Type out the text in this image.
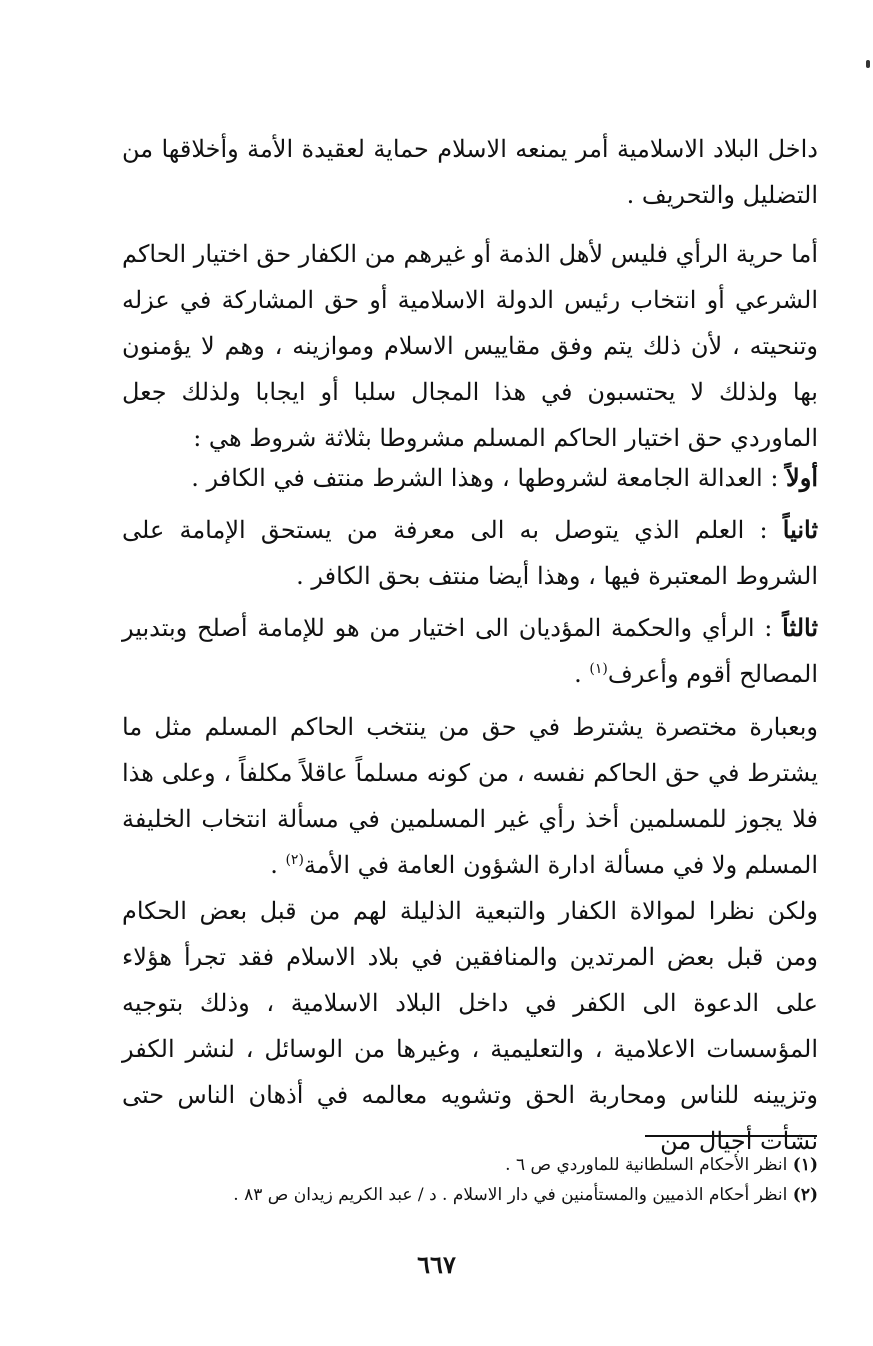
داخل البلاد الاسلامية أمر يمنعه الاسلام حماية لعقيدة الأمة وأخلاقها من التضليل والتحريف .

أما حرية الرأي فليس لأهل الذمة أو غيرهم من الكفار حق اختيار الحاكم الشرعي أو انتخاب رئيس الدولة الاسلامية أو حق المشاركة في عزله وتنحيته ، لأن ذلك يتم وفق مقاييس الاسلام وموازينه ، وهم لا يؤمنون بها ولذلك لا يحتسبون في هذا المجال سلبا أو ايجابا ولذلك جعل الماوردي حق اختيار الحاكم المسلم مشروطا بثلاثة شروط هي :

أولاً : العدالة الجامعة لشروطها ، وهذا الشرط منتف في الكافر .

ثانياً : العلم الذي يتوصل به الى معرفة من يستحق الإمامة على الشروط المعتبرة فيها ، وهذا أيضا منتف بحق الكافر .

ثالثاً : الرأي والحكمة المؤديان الى اختيار من هو للإمامة أصلح وبتدبير المصالح أقوم وأعرف$^{(١)}$ .

وبعبارة مختصرة يشترط في حق من ينتخب الحاكم المسلم مثل ما يشترط في حق الحاكم نفسه ، من كونه مسلماً عاقلاً مكلفاً ، وعلى هذا فلا يجوز للمسلمين أخذ رأي غير المسلمين في مسألة انتخاب الخليفة المسلم ولا في مسألة ادارة الشؤون العامة في الأمة$^{(٢)}$ .

ولكن نظرا لموالاة الكفار والتبعية الذليلة لهم من قبل بعض الحكام ومن قبل بعض المرتدين والمنافقين في بلاد الاسلام فقد تجرأ هؤلاء على الدعوة الى الكفر في داخل البلاد الاسلامية ، وذلك بتوجيه المؤسسات الاعلامية ، والتعليمية ، وغيرها من الوسائل ، لنشر الكفر وتزيينه للناس ومحاربة الحق وتشويه معالمه في أذهان الناس حتى نشأت أجيال من

(١) انظر الأحكام السلطانية للماوردي ص ٦ .

(٢) انظر أحكام الذميين والمستأمنين في دار الاسلام . د / عبد الكريم زيدان ص ٨٣ .

٦٦٧
